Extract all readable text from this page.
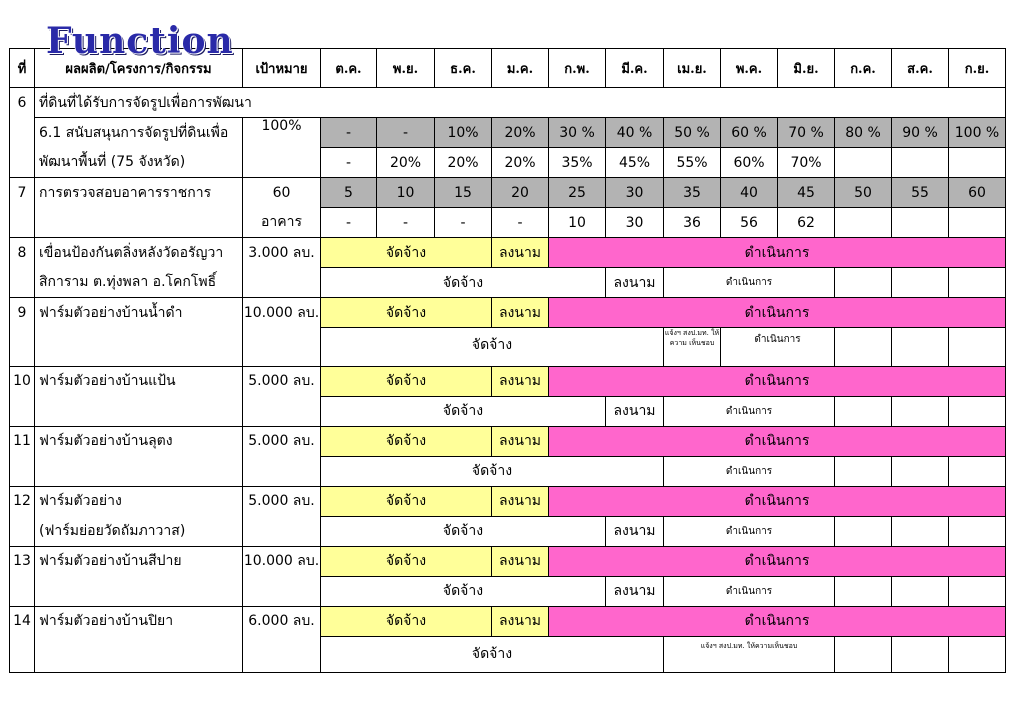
Function
ที่	ผลผลิต/โครงการ/กิจกรรม	เป้าหมาย	ต.ค.	พ.ย.	ธ.ค.	ม.ค.	ก.พ.	มี.ค.	เม.ย.	พ.ค.	มิ.ย.	ก.ค.	ส.ค.	ก.ย.
6	ที่ดินที่ได้รับการจัดรูปเพื่อการพัฒนา													
	6.1 สนับสนุนการจัดรูปที่ดินเพื่อ	100%	-	-	10%	20%	30 %	40 %	50 %	60 %	70 %	80 %	90 %	100 %
	พัฒนาพื้นที่ (75 จังหวัด)		-	20%	20%	20%	35%	45%	55%	60%	70%			
7	การตรวจสอบอาคารราชการ	60	5	10	15	20	25	30	35	40	45	50	55	60
		อาคาร	-	-	-	-	10	30	36	56	62			
8	เขื่อนป้องกันตลิ่งหลังวัดอรัญวา	3.000 ลบ.	จัดจ้าง			ลงนาม	ดำเนินการ							
	สิการาม ต.ทุ่งพลา อ.โคกโพธิ์		จัดจ้าง					ลงนาม	ดำเนินการ					
9	ฟาร์มตัวอย่างบ้านน้ำดำ	10.000 ลบ.	จัดจ้าง			ลงนาม	ดำเนินการ							
			จัดจ้าง						แจ้งฯ สงป.มท. ให้ความ เห็นชอบ	ดำเนินการ				
10	ฟาร์มตัวอย่างบ้านแป้น	5.000 ลบ.	จัดจ้าง			ลงนาม	ดำเนินการ							
			จัดจ้าง					ลงนาม	ดำเนินการ					
11	ฟาร์มตัวอย่างบ้านลุตง	5.000 ลบ.	จัดจ้าง			ลงนาม	ดำเนินการ							
			จัดจ้าง						ดำเนินการ					
12	ฟาร์มตัวอย่าง	5.000 ลบ.	จัดจ้าง			ลงนาม	ดำเนินการ							
	(ฟาร์มย่อยวัดถัมภาวาส)		จัดจ้าง					ลงนาม	ดำเนินการ					
13	ฟาร์มตัวอย่างบ้านสีปาย	10.000 ลบ.	จัดจ้าง			ลงนาม	ดำเนินการ							
			จัดจ้าง					ลงนาม	ดำเนินการ					
14	ฟาร์มตัวอย่างบ้านปิยา	6.000 ลบ.	จัดจ้าง			ลงนาม	ดำเนินการ							
			จัดจ้าง						แจ้งฯ สงป.มท. ให้ความเห็นชอบ					
